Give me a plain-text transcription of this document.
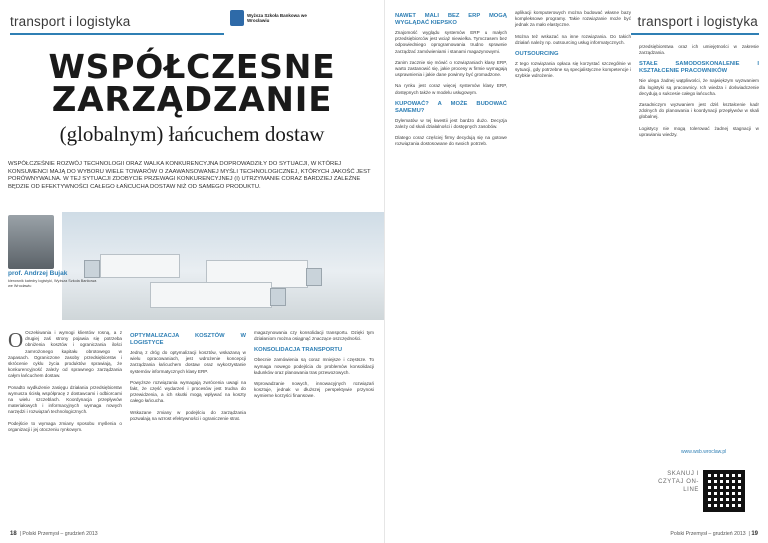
transport i logistyka	Wyższa Szkoła Bankowa we Wrocławiu
WSPÓŁCZESNE
ZARZĄDZANIE
(globalnym) łańcuchem dostaw
WSPÓŁCZEŚNIE ROZWÓJ TECHNOLOGII ORAZ WALKA KONKURENCYJNA DOPROWADZIŁY DO SYTUACJI, W KTÓREJ KONSUMENCI MAJĄ DO WYBORU WIELE TOWARÓW O ZAAWANSOWANEJ MYŚLI TECHNOLOGICZNEJ, KTÓRYCH JAKOŚĆ JEST PORÓWNYWALNA. W TEJ SYTUACJI ZDOBYCIE PRZEWAGI KONKURENCYJNEJ (I) UTRZYMANIE CORAZ BARDZIEJ ZALEŻNE BĘDZIE OD EFEKTYWNOŚCI CAŁEGO ŁAŃCUCHA DOSTAW NIŻ OD SAMEGO PRODUKTU.
prof. Andrzej Bujak
kierownik katedry logistyki, Wyższa Szkoła Bankowa we Wrocławiu

O Oczekiwania i wymogi klientów rosną, a z drugiej zaś strony pojawia się potrzeba obniżenia kosztów i ograniczania ilości zamrożonego kapitału obrotowego w zapasach. Ograniczone zasoby przedsiębiorstw i skrócenie cyklu życia produktów sprawiają, że konkurencyjność zależy od sprawnego zarządzania całym łańcuchem dostaw.

Ponadto wydłużenie zasięgu działania przedsiębiorstw wymusza ścisłą współpracę z dostawcami i odbiorcami na wielu szczeblach. Koordynacja przepływów materiałowych i informacyjnych wymaga nowych narzędzi i rozwiązań technologicznych.

Podejście to wymaga zmiany sposobu myślenia o organizacji i jej otoczeniu rynkowym.

OPTYMALIZACJA KOSZTÓW W LOGISTYCE

Jedną z dróg do optymalizacji kosztów, wskazaną w wielu opracowaniach, jest wdrożenie koncepcji zarządzania łańcuchem dostaw oraz wykorzystanie systemów informatycznych klasy ERP.

Powyższe rozwiązania wymagają zwrócenia uwagi na fakt, że część wydarzeń i procesów jest trudna do przewidzenia, a ich skutki mogą wpływać na koszty całego łańcucha.

Wskazane zmiany w podejściu do zarządzania pozwalają na wzrost efektywności i ograniczenie strat.

magazynowania czy konsolidacji transportu. Dzięki tym działaniom można osiągnąć znaczące oszczędności.

KONSOLIDACJA TRANSPORTU

Obecnie zamówienia są coraz mniejsze i częstsze. To wymaga nowego podejścia do problemów konsolidacji ładunków oraz planowania tras przewozowych.

Wprowadzanie nowych, innowacyjnych rozwiązań kosztuje, jednak w dłuższej perspektywie przynosi wymierne korzyści finansowe.

18  | Polski Przemysł – grudzień 2013
transport i logistyka
NAWET MALI BEZ ERP MOGĄ WYGLĄDAĆ KIEPSKO

Znajomość wyglądu systemów ERP u małych przedsiębiorców jest wciąż niewielka. Tymczasem bez odpowiedniego oprogramowania trudno sprawnie zarządzać zamówieniami i stanami magazynowymi.

Zanim zacznie się mówić o rozwiązaniach klasy ERP, warto zastanowić się, jakie procesy w firmie wymagają usprawnienia i jakie dane powinny być gromadzone.

Na rynku jest coraz więcej systemów klasy ERP, dostępnych także w modelu usługowym.

KUPOWAĆ? A MOŻE BUDOWAĆ SAMEMU?

Dylematów w tej kwestii jest bardzo dużo. Decyzja zależy od skali działalności i dostępnych zasobów.

Dlatego coraz częściej firmy decydują się na gotowe rozwiązania dostosowane do swoich potrzeb.

aplikacji komputerowych można budować własne bazy kompleksowe programy. Takie rozwiązanie może być jednak za mało elastyczne.

Można też wskazać na inne rozwiązania. Do takich działań należy np. outsourcing usług informatycznych.

OUTSOURCING

Z tego rozwiązania opłaca się korzystać szczególnie w sytuacji, gdy potrzebne są specjalistyczne kompetencje i szybkie wdrożenie.

przedsiębiorstwa oraz ich umiejętności w zakresie zarządzania.

STAŁE SAMODOSKONALENIE I KSZTAŁCENIE PRACOWNIKÓW

Nie ulega żadnej wątpliwości, że najwiękzym wyzwaniem dla logistyki są pracownicy. Ich wiedza i doświadczenie decydują o sukcesie całego łańcucha.

Zasadniczym wyzwaniem jest dziś kształcenie kadr zdolnych do planowania i koordynacji przepływów w skali globalnej.

Logistycy nie mogą tolerować żadnej stagnacji w uprawianiu wiedzy.

www.wsb.wroclaw.pl
SKANUJ I CZYTAJ ON-LINE
Polski Przemysł – grudzień 2013  | 19
